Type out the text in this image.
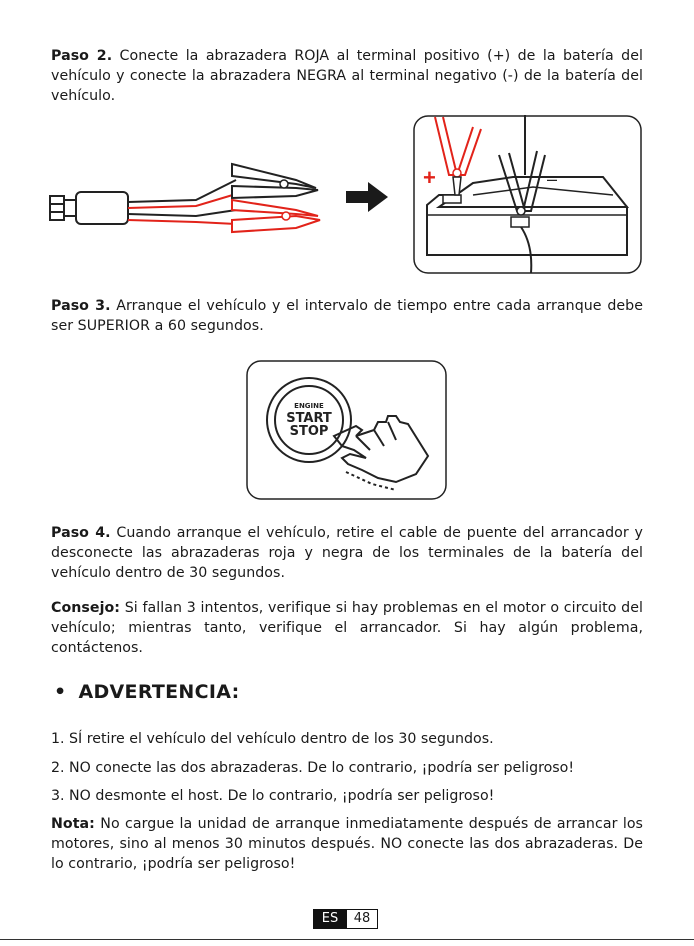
Paso 2. Conecte la abrazadera ROJA al terminal positivo (+) de la batería del vehículo y conecte la abrazadera NEGRA al terminal negativo (-) de la batería del vehículo.
+	–
Paso 3. Arranque el vehículo y el intervalo de tiempo entre cada arranque debe ser SUPERIOR a 60 segundos.
ENGINE
START
STOP
Paso 4. Cuando arranque el vehículo, retire el cable de puente del arrancador y desconecte las abrazaderas roja y negra de los terminales de la batería del vehículo dentro de 30 segundos.
Consejo: Si fallan 3 intentos, verifique si hay problemas en el motor o circuito del vehículo; mientras tanto, verifique el arrancador. Si hay algún problema, contáctenos.
• ADVERTENCIA:
1. SÍ retire el vehículo del vehículo dentro de los 30 segundos.
2. NO conecte las dos abrazaderas. De lo contrario, ¡podría ser peligroso!
3. NO desmonte el host. De lo contrario, ¡podría ser peligroso!
Nota: No cargue la unidad de arranque inmediatamente después de arrancar los motores, sino al menos 30 minutos después. NO conecte las dos abrazaderas. De lo contrario, ¡podría ser peligroso!
ES	48
